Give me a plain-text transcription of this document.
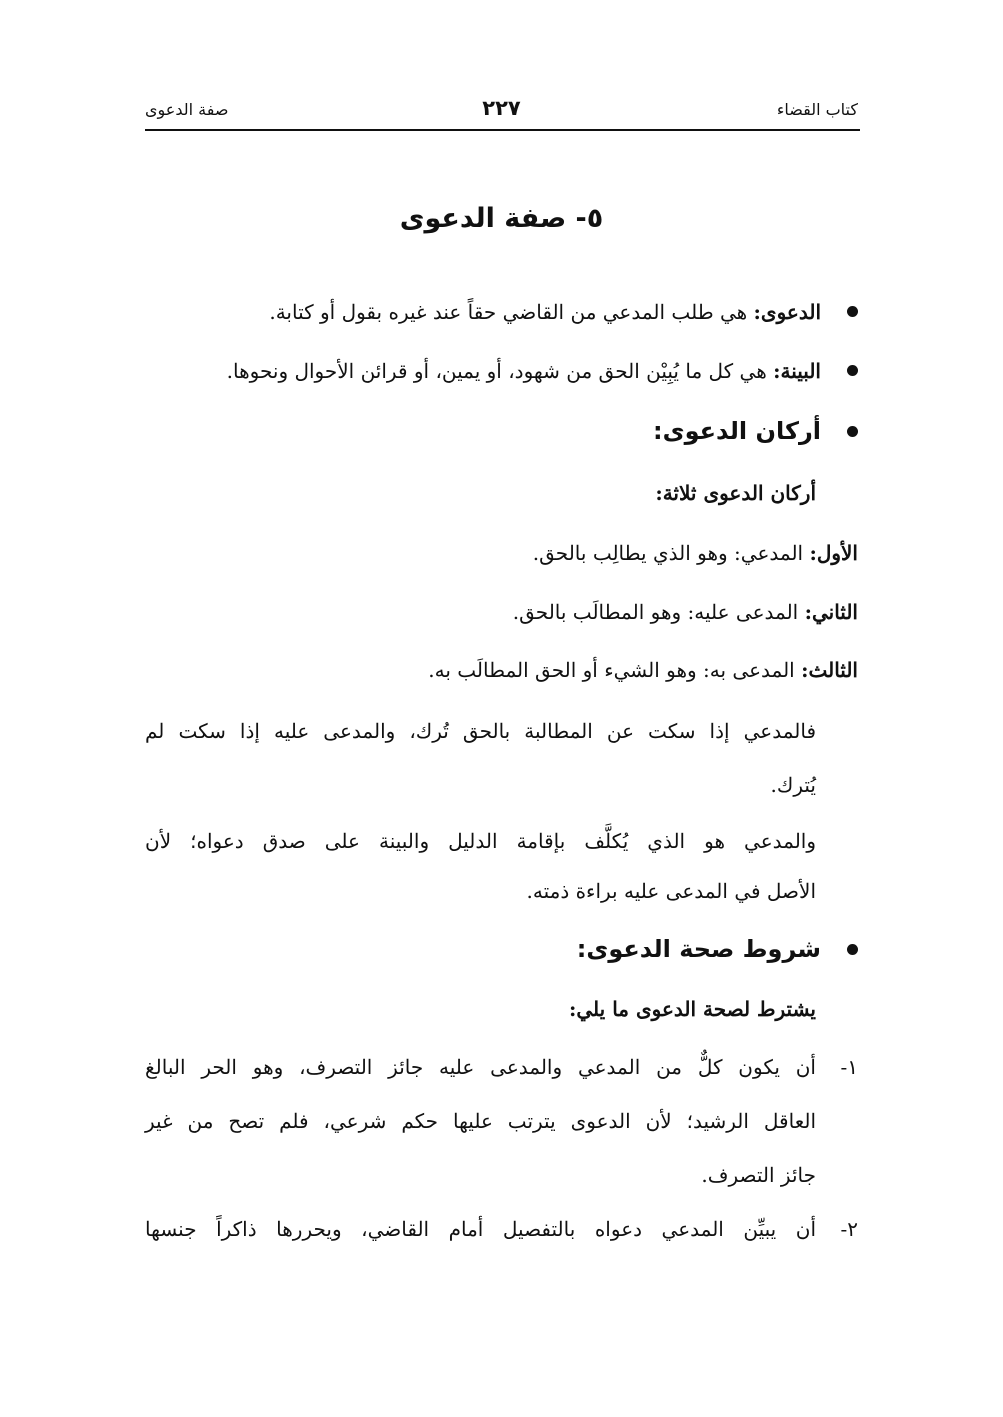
كتاب القضاء
٢٢٧
صفة الدعوى
٥- صفة الدعوى
الدعوى: هي طلب المدعي من القاضي حقاً عند غيره بقول أو كتابة.
البينة: هي كل ما يُبِيْن الحق من شهود، أو يمين، أو قرائن الأحوال ونحوها.
أركان الدعوى:
أركان الدعوى ثلاثة:
الأول: المدعي: وهو الذي يطالِب بالحق.
الثاني: المدعى عليه: وهو المطالَب بالحق.
الثالث: المدعى به: وهو الشيء أو الحق المطالَب به.
فالمدعي إذا سكت عن المطالبة بالحق تُرك، والمدعى عليه إذا سكت لم
يُترك.
والمدعي هو الذي يُكلَّف بإقامة الدليل والبينة على صدق دعواه؛ لأن
الأصل في المدعى عليه براءة ذمته.
شروط صحة الدعوى:
يشترط لصحة الدعوى ما يلي:
١-أن يكون كلٌّ من المدعي والمدعى عليه جائز التصرف، وهو الحر البالغ
العاقل الرشيد؛ لأن الدعوى يترتب عليها حكم شرعي، فلم تصح من غير
جائز التصرف.
٢-أن يبيِّن المدعي دعواه بالتفصيل أمام القاضي، ويحررها ذاكراً جنسها
